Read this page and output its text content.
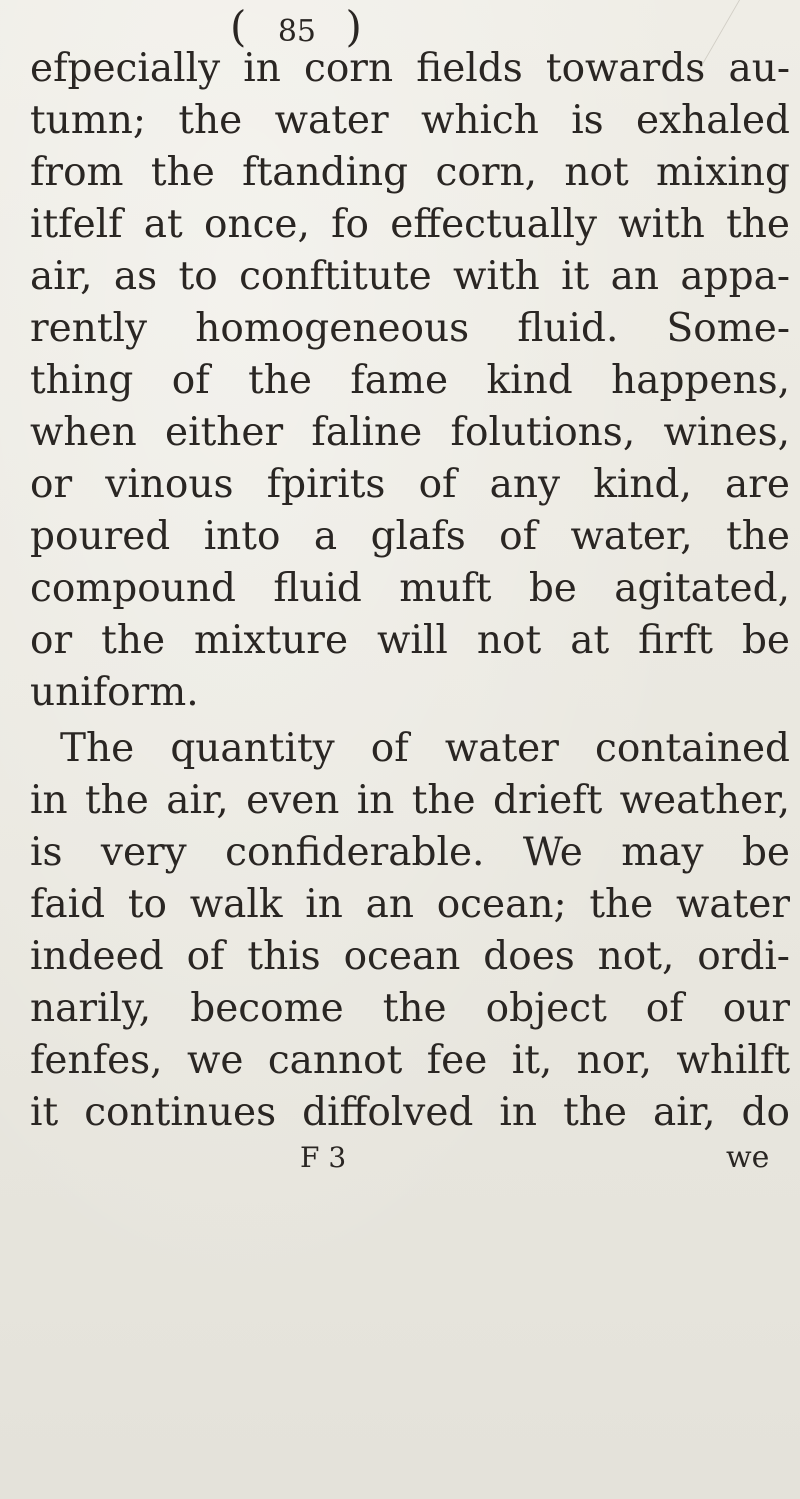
( 85 )
efpecially in corn fields towards au-
tumn; the water which is exhaled
from the ftanding corn, not mixing
itfelf at once, fo effectually with the
air, as to conftitute with it an appa-
rently homogeneous fluid. Some-
thing of the fame kind happens,
when either faline folutions, wines,
or vinous fpirits of any kind, are
poured into a glafs of water, the
compound fluid muft be agitated,
or the mixture will not at firft be
uniform.
The quantity of water contained
in the air, even in the drieft weather,
is very confiderable. We may be
faid to walk in an ocean; the water
indeed of this ocean does not, ordi-
narily, become the object of our
fenfes, we cannot fee it, nor, whilft
it continues diffolved in the air, do
F 3	we
